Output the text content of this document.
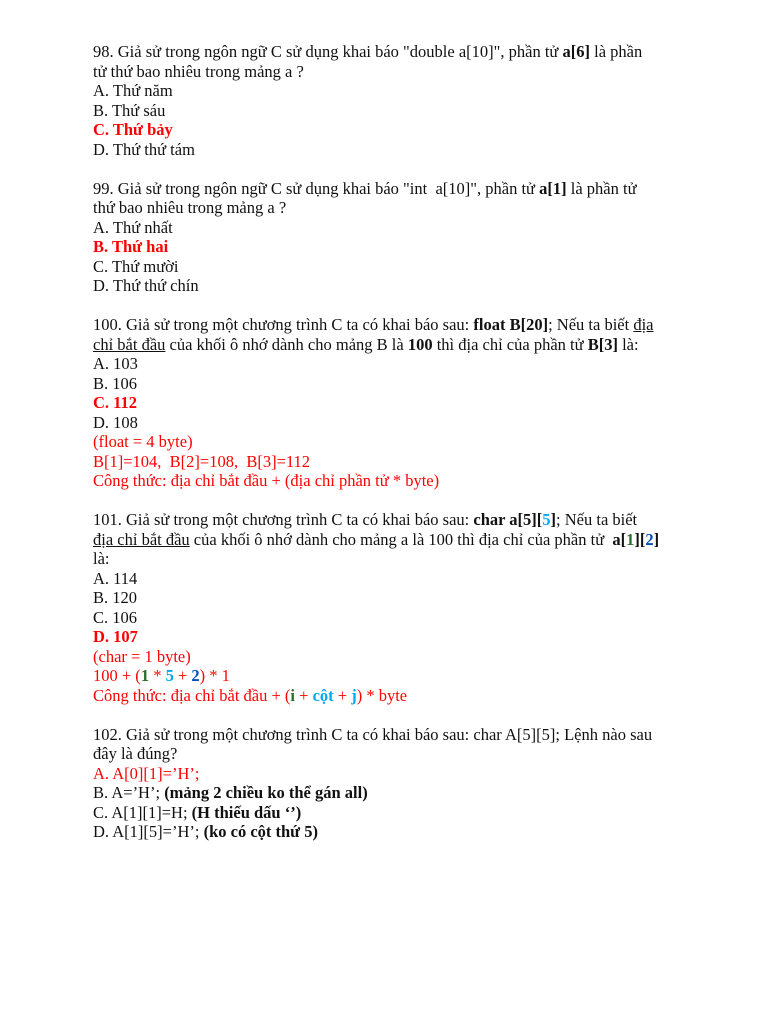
98. Giả sử trong ngôn ngữ C sử dụng khai báo "double a[10]", phần tử a[6] là phần
tử thứ bao nhiêu trong mảng a ?
A. Thứ năm
B. Thứ sáu
C. Thứ bảy
D. Thứ thứ tám
99. Giả sử trong ngôn ngữ C sử dụng khai báo "int  a[10]", phần tử a[1] là phần tử
thứ bao nhiêu trong mảng a ?
A. Thứ nhất
B. Thứ hai
C. Thứ mười
D. Thứ thứ chín
100. Giả sử trong một chương trình C ta có khai báo sau: float B[20]; Nếu ta biết địa
chỉ bắt đầu của khối ô nhớ dành cho mảng B là 100 thì địa chỉ của phần tử B[3] là:
A. 103
B. 106
C. 112
D. 108
(float = 4 byte)
B[1]=104,  B[2]=108,  B[3]=112
Công thức: địa chỉ bắt đầu + (địa chỉ phần tử * byte)
101. Giả sử trong một chương trình C ta có khai báo sau: char a[5][5]; Nếu ta biết
địa chỉ bắt đầu của khối ô nhớ dành cho mảng a là 100 thì địa chỉ của phần tử  a[1][2]
là:
A. 114
B. 120
C. 106
D. 107
(char = 1 byte)
100 + (1 * 5 + 2) * 1
Công thức: địa chỉ bắt đầu + (i + cột + j) * byte
102. Giả sử trong một chương trình C ta có khai báo sau: char A[5][5]; Lệnh nào sau
đây là đúng?
A. A[0][1]=’H’;
B. A=’H’; (mảng 2 chiều ko thể gán all)
C. A[1][1]=H; (H thiếu dấu ‘’)
D. A[1][5]=’H’; (ko có cột thứ 5)
